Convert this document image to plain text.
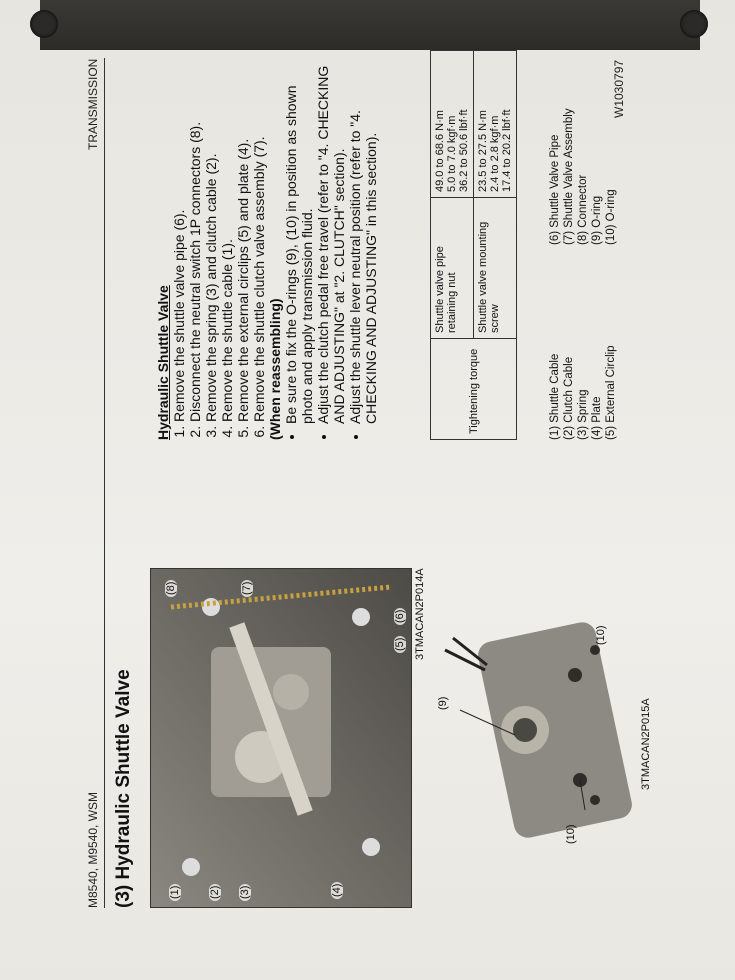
M8540, M9540, WSM
TRANSMISSION
(3) Hydraulic Shuttle Valve	(1)	(2) (3)	(4)
(5)
(6)
(7)
(8)	3TMACAN2P014A
(9)
(10)
(10)
3TMACAN2P015A
Hydraulic Shuttle Valve 1. Remove the shuttle valve pipe (6). 2. Disconnect the neutral switch 1P connectors (8). 3. Remove the spring (3) and clutch cable (2). 4. Remove the shuttle cable (1). 5. Remove the external circlips (5) and plate (4). 6. Remove the shuttle clutch valve assembly (7). (When reassembling) • Be sure to fix the O-rings (9), (10) in position as shown photo and apply transmission fluid. • Adjust the clutch pedal free travel (refer to "4. CHECKING AND ADJUSTING" at "2. CLUTCH" section). • Adjust the shuttle lever neutral position (refer to "4. CHECKING AND ADJUSTING" in this section).	Tightening torque	Shuttle valve pipe retaining nut	49.0 to 68.6 N·m 5.0 to 7.0 kgf·m 36.2 to 50.6 lbf·ft

	Shuttle valve mounting screw	23.5 to 27.5 N·m 2.4 to 2.8 kgf·m 17.4 to 20.2 lbf·ft
(1) Shuttle Cable (2) Clutch Cable (3) Spring (4) Plate (5) External Circlip
(6) Shuttle Valve Pipe (7) Shuttle Valve Assembly (8) Connector (9) O-ring (10) O-ring
W1030797
